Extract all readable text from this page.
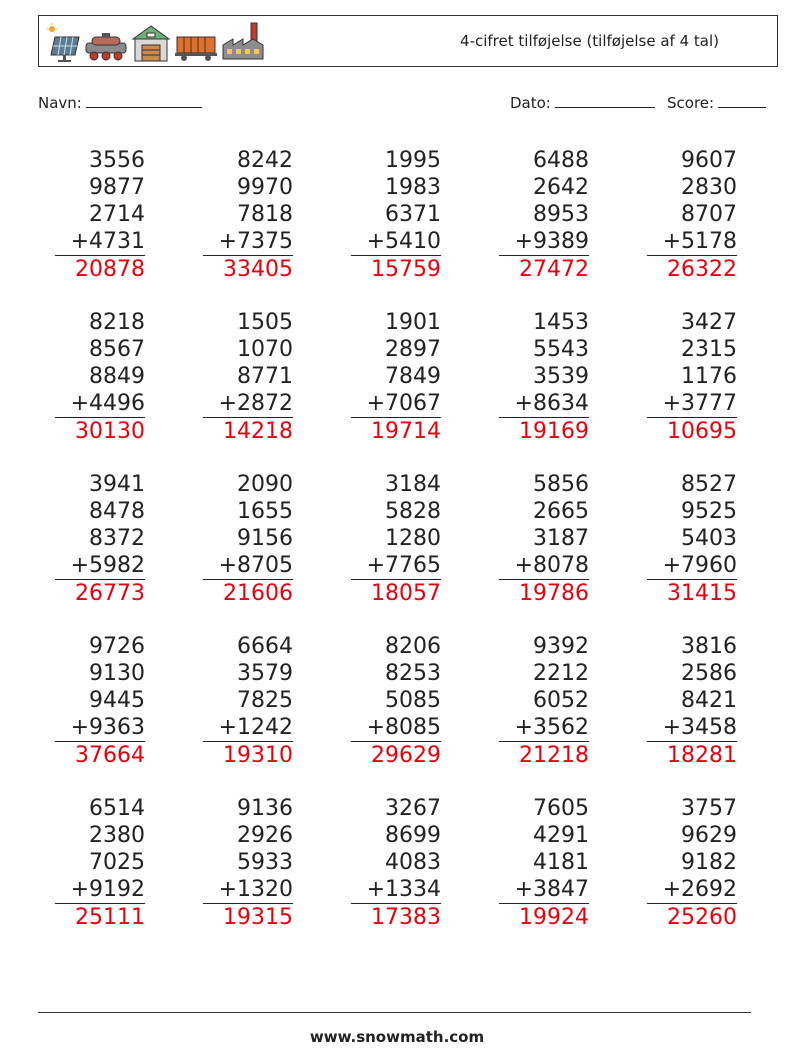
4-cifret tilføjelse (tilføjelse af 4 tal)
Navn:	Dato:	Score:
3556
9877
2714
+4731
20878
8242
9970
7818
+7375
33405
1995
1983
6371
+5410
15759
6488
2642
8953
+9389
27472
9607
2830
8707
+5178
26322
8218
8567
8849
+4496
30130
1505
1070
8771
+2872
14218
1901
2897
7849
+7067
19714
1453
5543
3539
+8634
19169
3427
2315
1176
+3777
10695
3941
8478
8372
+5982
26773
2090
1655
9156
+8705
21606
3184
5828
1280
+7765
18057
5856
2665
3187
+8078
19786
8527
9525
5403
+7960
31415
9726
9130
9445
+9363
37664
6664
3579
7825
+1242
19310
8206
8253
5085
+8085
29629
9392
2212
6052
+3562
21218
3816
2586
8421
+3458
18281
6514
2380
7025
+9192
25111
9136
2926
5933
+1320
19315
3267
8699
4083
+1334
17383
7605
4291
4181
+3847
19924
3757
9629
9182
+2692
25260
www.snowmath.com
